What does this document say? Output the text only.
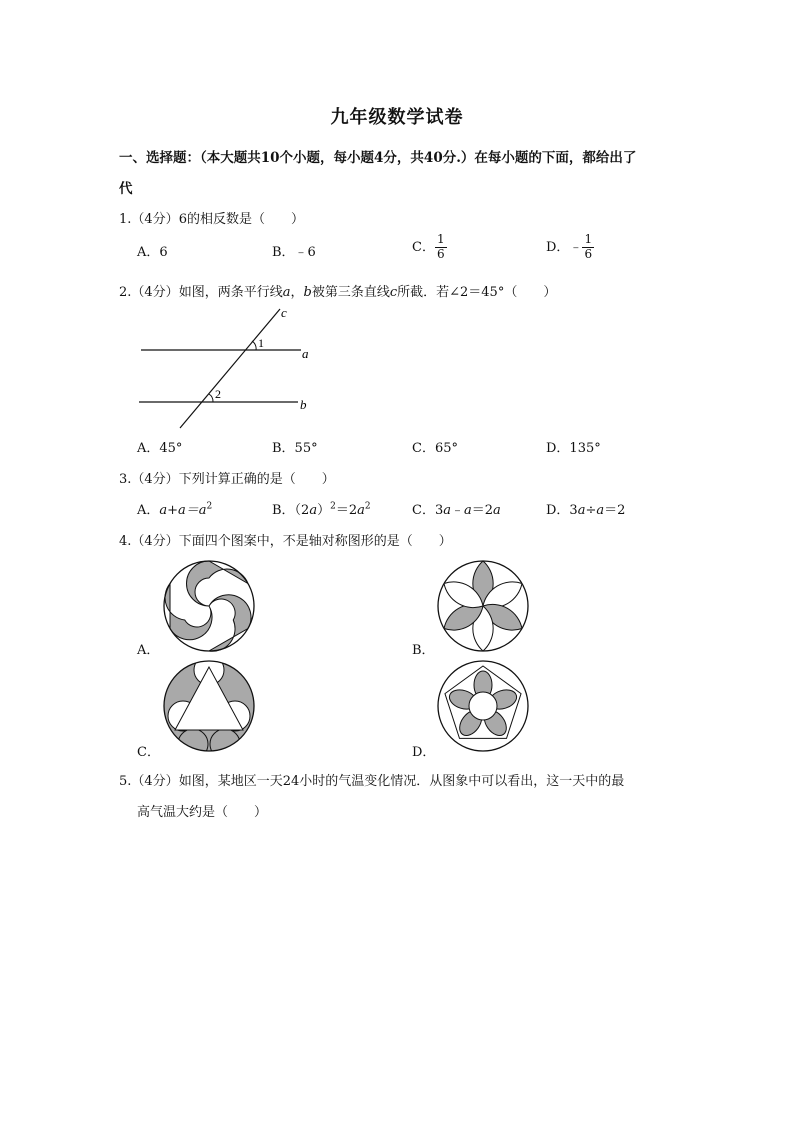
九年级数学试卷
一、选择题：（本大题共10个小题，每小题4分，共40分.）在每小题的下面，都给出了
代
1.（4分）6的相反数是（　　）
A．6	B．﹣6	C． $\frac{1}{6}$	D．﹣ $\frac{1}{6}$
2.（4分）如图，两条平行线a，b被第三条直线c所截．若∠2＝45°（　　）
c
a
b
1
2
A．45°	B．55°	C．65°	D．135°
3.（4分）下列计算正确的是（　　）
A．$a+a=a^2$	B．$(2a)^2=2a^2$	C．3a﹣a＝2a	D．3a÷a＝2
4.（4分）下面四个图案中，不是轴对称图形的是（　　）
A．	B．
C．	D．
5.（4分）如图，某地区一天24小时的气温变化情况．从图象中可以看出，这一天中的最
高气温大约是（　　）
